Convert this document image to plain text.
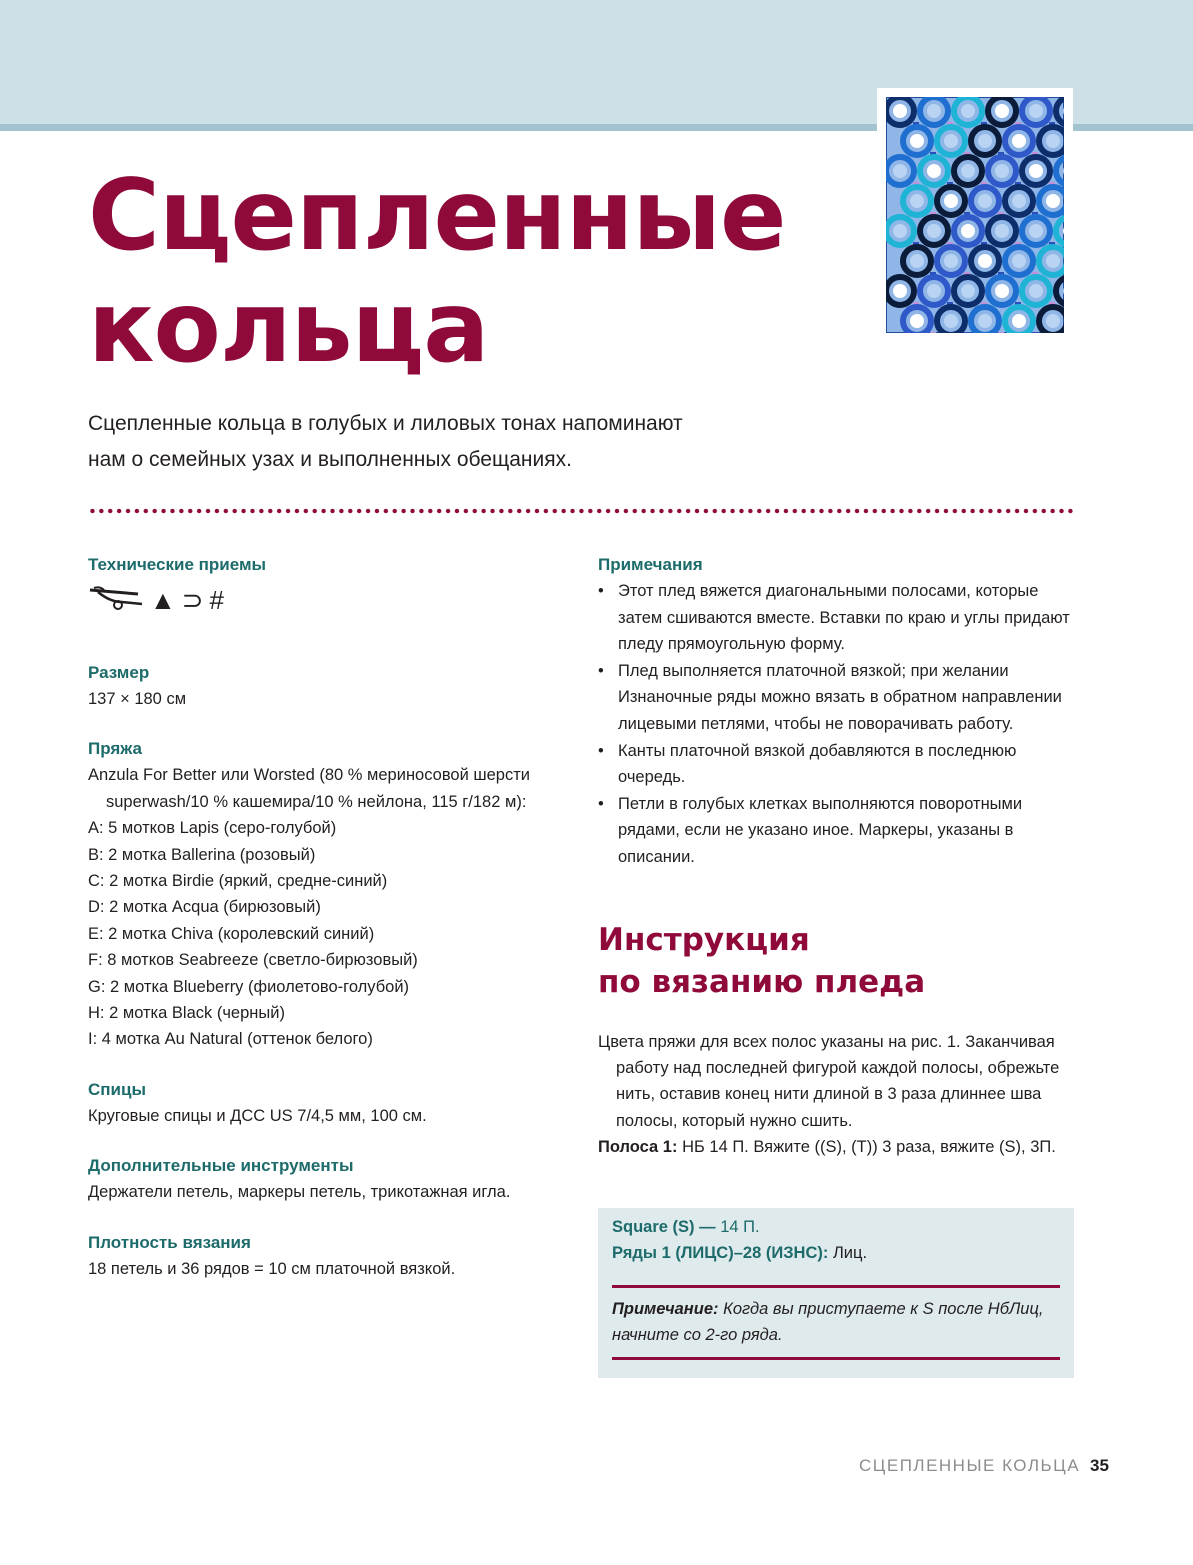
Сцепленные
кольца

Сцепленные кольца в голубых и лиловых тонах напоминают
нам о семейных узах и выполненных обещаниях.

Технические приемы

▲ ⊃ #

Размер

137 × 180 см

Пряжа

Anzula For Better или Worsted (80 % мериносовой шерсти superwash/10 % кашемира/10 % нейлона, 115 г/182 м):

A: 5 мотков Lapis (серо-голубой)

B: 2 мотка Ballerina (розовый)

C: 2 мотка Birdie (яркий, средне-синий)

D: 2 мотка Acqua (бирюзовый)

E: 2 мотка Chiva (королевский синий)

F: 8 мотков Seabreeze (светло-бирюзовый)

G: 2 мотка Blueberry (фиолетово-голубой)

H: 2 мотка Black (черный)

I: 4 мотка Au Natural (оттенок белого)

Спицы

Круговые спицы и ДСС US 7/4,5 мм, 100 см.

Дополнительные инструменты

Держатели петель, маркеры петель, трикотажная игла.

Плотность вязания

18 петель и 36 рядов = 10 см платочной вязкой.

Примечания

• Этот плед вяжется диагональными полосами, которые затем сшиваются вместе. Вставки по краю и углы придают пледу прямоугольную форму.
• Плед выполняется платочной вязкой; при желании Изнаночные ряды можно вязать в обратном направлении лицевыми петлями, чтобы не поворачивать работу.
• Канты платочной вязкой добавляются в последнюю очередь.
• Петли в голубых клетках выполняются поворотными рядами, если не указано иное. Маркеры, указаны в описании.

Инструкция

по вязанию пледа

Цвета пряжи для всех полос указаны на рис. 1. Заканчивая работу над последней фигурой каждой полосы, обрежьте нить, оставив конец нити длиной в 3 раза длиннее шва полосы, который нужно сшить.

Полоса 1: НБ 14 П. Вяжите ((S), (T)) 3 раза, вяжите (S), 3П.

Square (S) — 14 П.

Ряды 1 (ЛИЦС)–28 (ИЗНС): Лиц.

Примечание: Когда вы приступаете к S после НбЛиц, начните со 2-го ряда.

СЦЕПЛЕННЫЕ КОЛЬЦА 35
